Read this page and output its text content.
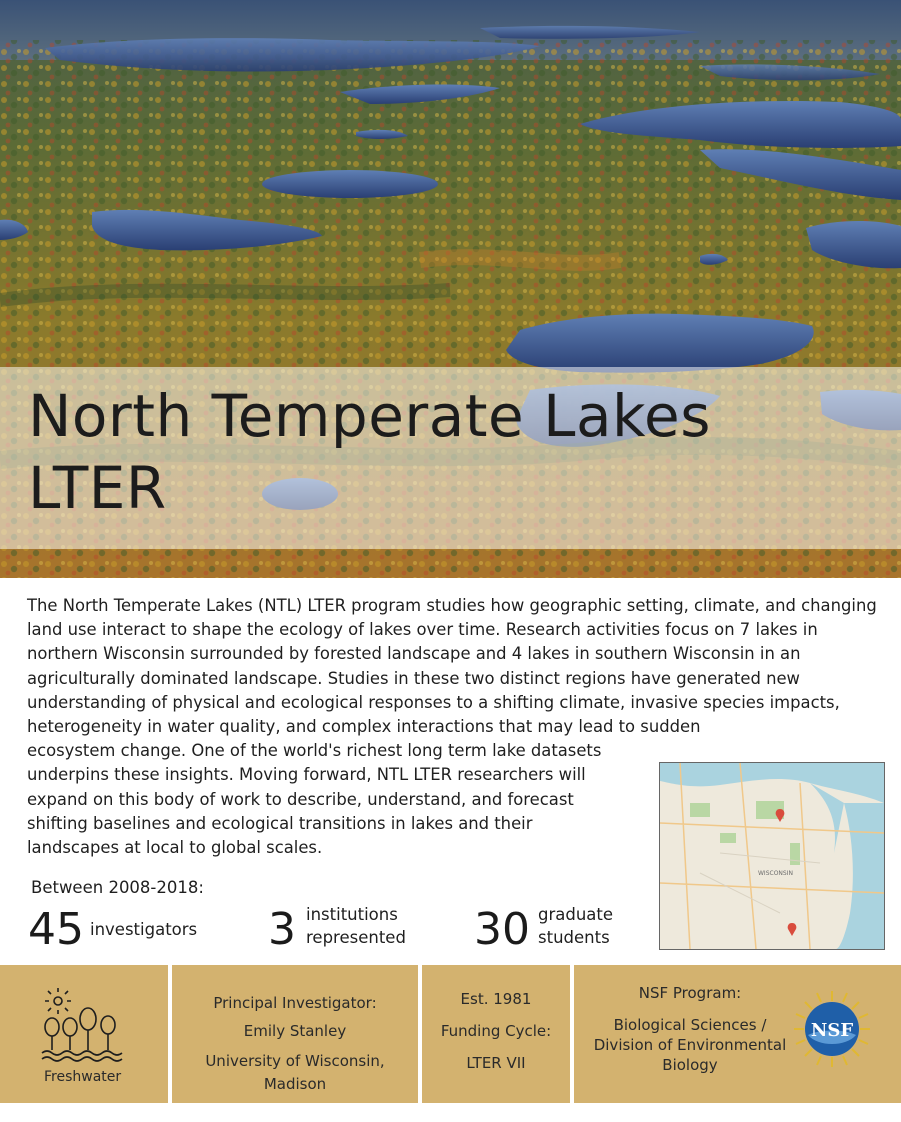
North Temperate Lakes
LTER
The North Temperate Lakes (NTL) LTER program studies how geographic setting, climate, and changing land use interact to shape the ecology of lakes over time. Research activities focus on 7 lakes in northern Wisconsin surrounded by forested landscape and 4 lakes in southern Wisconsin in an agriculturally dominated landscape. Studies in these two distinct regions have generated new understanding of physical and ecological responses to a shifting climate, invasive species impacts, heterogeneity in water quality, and complex interactions that may lead to sudden
ecosystem change. One of the world's richest long term lake datasets underpins these insights. Moving forward, NTL LTER researchers will expand on this body of work to describe, understand, and forecast shifting baselines and ecological transitions in lakes and their landscapes at local to global scales.
WISCONSIN
Between 2008-2018:
45 investigators 3 institutions
represented 30 graduate
students
Freshwater
Principal Investigator:
Emily Stanley
University of Wisconsin,
Madison
Est. 1981
Funding Cycle:
LTER VII
NSF Program:
Biological Sciences /
Division of Environmental
Biology
NSF
